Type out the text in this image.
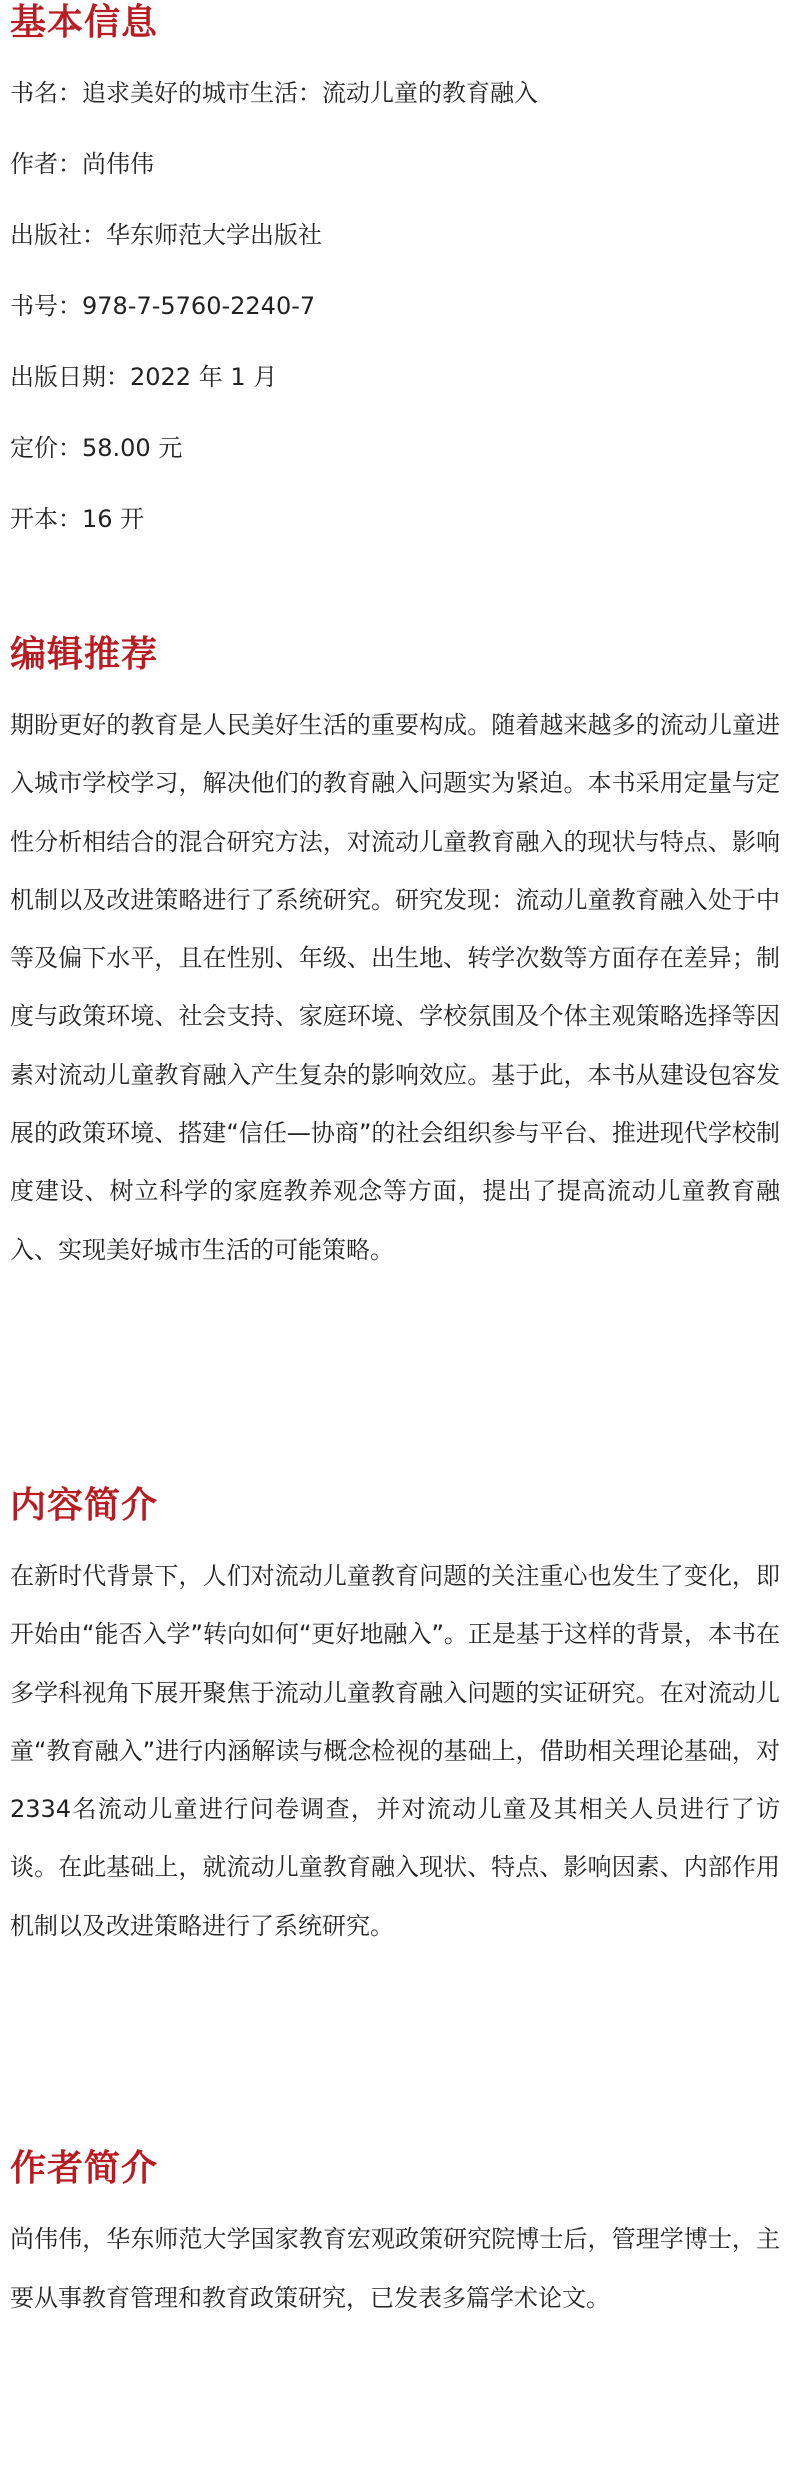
基本信息
书名：追求美好的城市生活：流动儿童的教育融入
作者：尚伟伟
出版社：华东师范大学出版社
书号：978-7-5760-2240-7
出版日期：2022 年 1 月
定价：58.00 元
开本：16 开
编辑推荐

期盼更好的教育是人民美好生活的重要构成。随着越来越多的流动儿童进入城市学校学习，解决他们的教育融入问题实为紧迫。本书采用定量与定性分析相结合的混合研究方法，对流动儿童教育融入的现状与特点、影响机制以及改进策略进行了系统研究。研究发现：流动儿童教育融入处于中等及偏下水平，且在性别、年级、出生地、转学次数等方面存在差异；制度与政策环境、社会支持、家庭环境、学校氛围及个体主观策略选择等因素对流动儿童教育融入产生复杂的影响效应。基于此，本书从建设包容发展的政策环境、搭建“信任—协商”的社会组织参与平台、推进现代学校制度建设、树立科学的家庭教养观念等方面，提出了提高流动儿童教育融入、实现美好城市生活的可能策略。

内容简介

在新时代背景下，人们对流动儿童教育问题的关注重心也发生了变化，即开始由“能否入学”转向如何“更好地融入”。正是基于这样的背景，本书在多学科视角下展开聚焦于流动儿童教育融入问题的实证研究。在对流动儿童“教育融入”进行内涵解读与概念检视的基础上，借助相关理论基础，对2334名流动儿童进行问卷调查，并对流动儿童及其相关人员进行了访谈。在此基础上，就流动儿童教育融入现状、特点、影响因素、内部作用机制以及改进策略进行了系统研究。

作者简介

尚伟伟，华东师范大学国家教育宏观政策研究院博士后，管理学博士，主要从事教育管理和教育政策研究，已发表多篇学术论文。
